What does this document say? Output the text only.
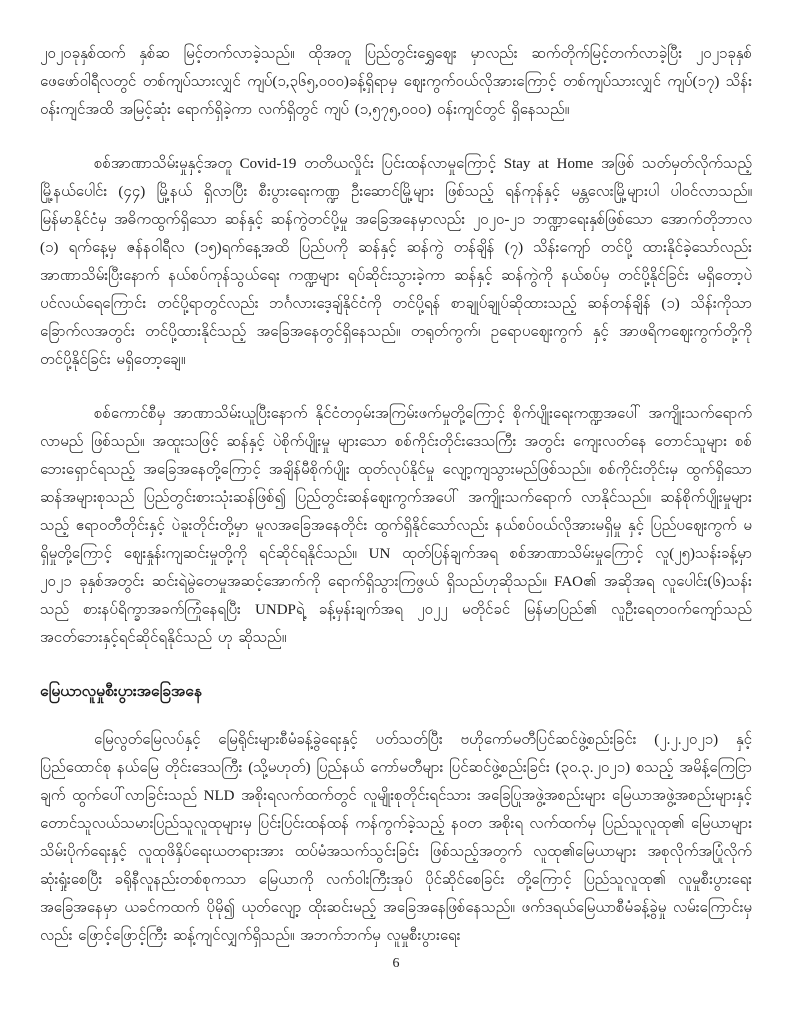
၂၀၂၀ခုနှစ်ထက် နှစ်ဆ မြင့်တက်လာခဲ့သည်။ ထိုအတူ ပြည်တွင်းရွှေဈေး မှာလည်း ဆက်တိုက်မြင့်တက်လာခဲ့ပြီး ၂၀၂၁ခုနှစ် ဖေဖော်ဝါရီလတွင် တစ်ကျပ်သားလျှင် ကျပ်(၁,၃၆၅,၀၀၀)ခန့်ရှိရာမှ ဈေးကွက်ဝယ်လိုအားကြောင့် တစ်ကျပ်သားလျှင် ကျပ်(၁၇) သိန်းဝန်းကျင်အထိ အမြင့်ဆုံး ရောက်ရှိခဲ့ကာ လက်ရှိတွင် ကျပ် (၁,၅၇၅,၀၀၀) ဝန်းကျင်တွင် ရှိနေသည်။

စစ်အာဏာသိမ်းမှုနှင့်အတူ Covid-19 တတိယလှိုင်း ပြင်းထန်လာမှုကြောင့် Stay at Home အဖြစ် သတ်မှတ်လိုက်သည့် မြို့နယ်ပေါင်း (၄၄) မြို့နယ် ရှိလာပြီး စီးပွားရေးကဏ္ဍ ဦးဆောင်မြို့များ ဖြစ်သည့် ရန်ကုန်နှင့် မန္တလေးမြို့များပါ ပါဝင်လာသည်။ မြန်မာနိုင်ငံမှ အဓိကထွက်ရှိသော ဆန်နှင့် ဆန်ကွဲတင်ပို့မှု အခြေအနေမှာလည်း ၂၀၂၀-၂၁ ဘဏ္ဍာရေးနှစ်ဖြစ်သော အောက်တိုဘာလ (၁) ရက်နေ့မှ ဇန်နဝါရီလ (၁၅)ရက်နေ့အထိ ပြည်ပကို ဆန်နှင့် ဆန်ကွဲ တန်ချိန် (၇) သိန်းကျော် တင်ပို့ ထားနိုင်ခဲ့သော်လည်း အာဏာသိမ်းပြီးနောက် နယ်စပ်ကုန်သွယ်ရေး ကဏ္ဍများ ရပ်ဆိုင်းသွားခဲ့ကာ ဆန်နှင့် ဆန်ကွဲကို နယ်စပ်မှ တင်ပို့နိုင်ခြင်း မရှိတော့ပဲ ပင်လယ်ရေကြောင်း တင်ပို့ရာတွင်လည်း ဘင်္ဂလားဒေ့ချ်နိုင်ငံကို တင်ပို့ရန် စာချုပ်ချုပ်ဆိုထားသည့် ဆန်တန်ချိန် (၁) သိန်းကိုသာ ခြောက်လအတွင်း တင်ပို့ထားနိုင်သည့် အခြေအနေတွင်ရှိနေသည်။ တရုတ်ကွက်၊ ဥရောပဈေးကွက် နှင့် အာဖရိကဈေးကွက်တို့ကို တင်ပို့နိုင်ခြင်း မရှိတော့ချေ။

စစ်ကောင်စီမှ အာဏာသိမ်းယူပြီးနောက် နိုင်ငံတဝှမ်းအကြမ်းဖက်မှုတို့ကြောင့် စိုက်ပျိုးရေးကဏ္ဍအပေါ် အကျိုးသက်ရောက် လာမည် ဖြစ်သည်။ အထူးသဖြင့် ဆန်နှင့် ပဲစိုက်ပျိုးမှု များသော စစ်ကိုင်းတိုင်းဒေသကြီး အတွင်း ကျေးလတ်နေ တောင်သူများ စစ်ဘေးရှောင်ရသည့် အခြေအနေတို့ကြောင့် အချိန်မီစိုက်ပျိုး ထုတ်လုပ်နိုင်မှု လျော့ကျသွားမည်ဖြစ်သည်။ စစ်ကိုင်းတိုင်းမှ ထွက်ရှိသော ဆန်အများစုသည် ပြည်တွင်းစားသုံးဆန်ဖြစ်၍ ပြည်တွင်းဆန်ဈေးကွက်အပေါ် အကျိုးသက်ရောက် လာနိုင်သည်။ ဆန်စိုက်ပျိုးမှုများသည့် ဧရာဝတီတိုင်းနှင့် ပဲခူးတိုင်းတို့မှာ မူလအခြေအနေတိုင်း ထွက်ရှိနိုင်သော်လည်း နယ်စပ်ဝယ်လိုအားမရှိမှု နှင့် ပြည်ပဈေးကွက် မရှိမှုတို့ကြောင့် ဈေးနှုန်းကျဆင်းမှုတို့ကို ရင်ဆိုင်ရနိုင်သည်။ UN ထုတ်ပြန်ချက်အရ စစ်အာဏာသိမ်းမှုကြောင့် လူ(၂၅)သန်းခန့်မှာ ၂၀၂၁ ခုနှစ်အတွင်း ဆင်းရဲမွဲတေမှုအဆင့်အောက်ကို ရောက်ရှိသွားကြဖွယ် ရှိသည်ဟုဆိုသည်။ FAO၏ အဆိုအရ လူပေါင်း(၆)သန်းသည် စားနပ်ရိက္ခာအခက်ကြုံနေရပြီး UNDPရဲ့ ခန့်မှန်းချက်အရ ၂၀၂၂ မတိုင်ခင် မြန်မာပြည်၏ လူဦးရေတဝက်ကျော်သည် အငတ်ဘေးနှင့်ရင်ဆိုင်ရနိုင်သည် ဟု ဆိုသည်။

မြေယာလူမှုစီးပွားအခြေအနေ

မြေလွတ်မြေလပ်နှင့် မြေရိုင်းများစီမံခန့်ခွဲရေးနှင့် ပတ်သတ်ပြီး ဗဟိုကော်မတီပြင်ဆင်ဖွဲ့စည်းခြင်း (၂.၂.၂၀၂၁) နှင့် ပြည်ထောင်စု နယ်မြေ တိုင်းဒေသကြီး (သို့မဟုတ်) ပြည်နယ် ကော်မတီများ ပြင်ဆင်ဖွဲ့စည်းခြင်း (၃၀.၃.၂၀၂၁) စသည့် အမိန့်ကြေငြာချက် ထွက်ပေါ်လာခြင်းသည် NLD အစိုးရလက်ထက်တွင် လူမျိုးစုတိုင်းရင်သား အခြေပြုအဖွဲ့အစည်းများ မြေယာအဖွဲ့အစည်းများနှင့် တောင်သူလယ်သမားပြည်သူလူထုများမှ ပြင်းပြင်းထန်ထန် ကန်ကွက်ခဲ့သည့် နဝတ အစိုးရ လက်ထက်မှ ပြည်သူလူထု၏ မြေယာများ သိမ်းပိုက်ရေးနှင့် လူထုဖိနှိပ်ရေးယတရားအား ထပ်မံအသက်သွင်းခြင်း ဖြစ်သည့်အတွက် လူထု၏မြေယာများ အစုလိုက်အပြုံလိုက်ဆုံးရှုံးစေပြီး ခရိုနီလူနည်းတစ်စုကသာ မြေယာကို လက်ဝါးကြီးအုပ် ပိုင်ဆိုင်စေခြင်း တို့ကြောင့် ပြည်သူလူထု၏ လူမှုစီးပွားရေး အခြေအနေမှာ ယခင်ကထက် ပိုမို၍ ယုတ်လျော့ ထိုးဆင်းမည့် အခြေအနေဖြစ်နေသည်။ ဖက်ဒရယ်မြေယာစီမံခန့်ခွဲမှု လမ်းကြောင်းမှလည်း ဖြောင့်ဖြောင့်ကြီး ဆန့်ကျင်လျှက်ရှိသည်။ အဘက်ဘက်မှ လူမှုစီးပွားရေး

6
